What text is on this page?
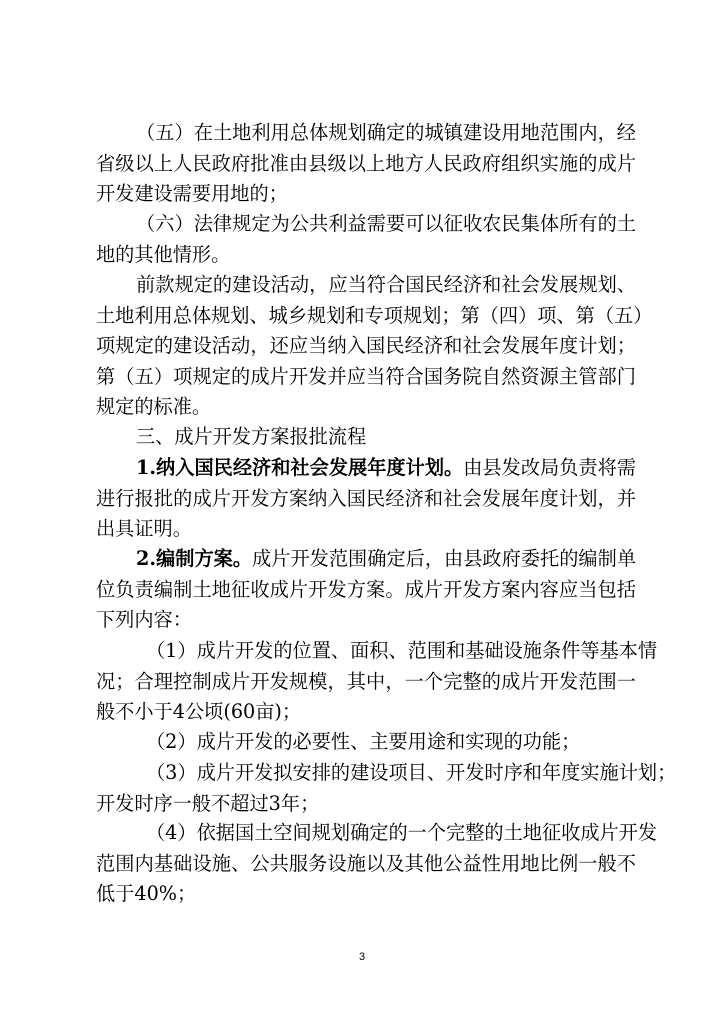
（五）在土地利用总体规划确定的城镇建设用地范围内，经
省级以上人民政府批准由县级以上地方人民政府组织实施的成片
开发建设需要用地的；
（六）法律规定为公共利益需要可以征收农民集体所有的土
地的其他情形。
前款规定的建设活动，应当符合国民经济和社会发展规划、
土地利用总体规划、城乡规划和专项规划；第（四）项、第（五）
项规定的建设活动，还应当纳入国民经济和社会发展年度计划；
第（五）项规定的成片开发并应当符合国务院自然资源主管部门
规定的标准。
三、成片开发方案报批流程
1.纳入国民经济和社会发展年度计划。由县发改局负责将需
进行报批的成片开发方案纳入国民经济和社会发展年度计划，并
出具证明。
2.编制方案。成片开发范围确定后，由县政府委托的编制单
位负责编制土地征收成片开发方案。成片开发方案内容应当包括
下列内容：
（1）成片开发的位置、面积、范围和基础设施条件等基本情
况；合理控制成片开发规模，其中，一个完整的成片开发范围一
般不小于4公顷(60亩)；
（2）成片开发的必要性、主要用途和实现的功能；
（3）成片开发拟安排的建设项目、开发时序和年度实施计划；
开发时序一般不超过3年；
（4）依据国土空间规划确定的一个完整的土地征收成片开发
范围内基础设施、公共服务设施以及其他公益性用地比例一般不
低于40%；
3
